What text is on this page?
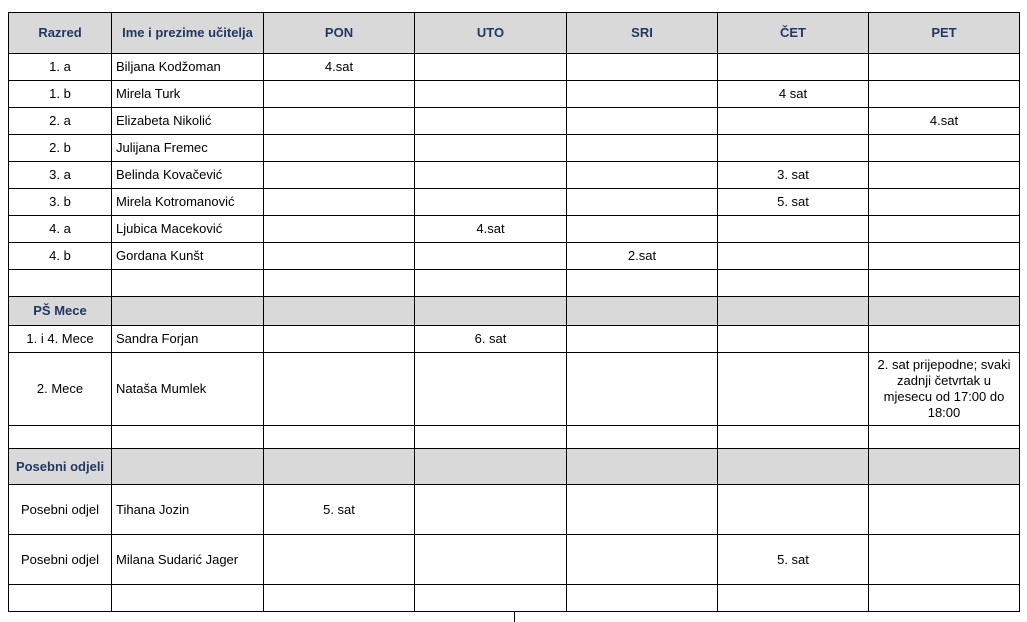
Razred	Ime i prezime učitelja	PON	UTO	SRI	ČET	PET
1. a	Biljana Kodžoman	4.sat				
1. b	Mirela Turk				4 sat	
2. a	Elizabeta Nikolić					4.sat
2. b	Julijana Fremec					
3. a	Belinda Kovačević				3. sat	
3. b	Mirela Kotromanović				5. sat	
4. a	Ljubica Maceković		4.sat			
4. b	Gordana Kunšt			2.sat		

PŠ Mece						
1. i 4. Mece	Sandra Forjan		6. sat			
2. Mece	Nataša Mumlek					2. sat prijepodne; svaki zadnji četvrtak u mjesecu od 17:00 do 18:00

Posebni odjeli						
Posebni odjel	Tihana Jozin	5. sat				
Posebni odjel	Milana Sudarić Jager				5. sat	
